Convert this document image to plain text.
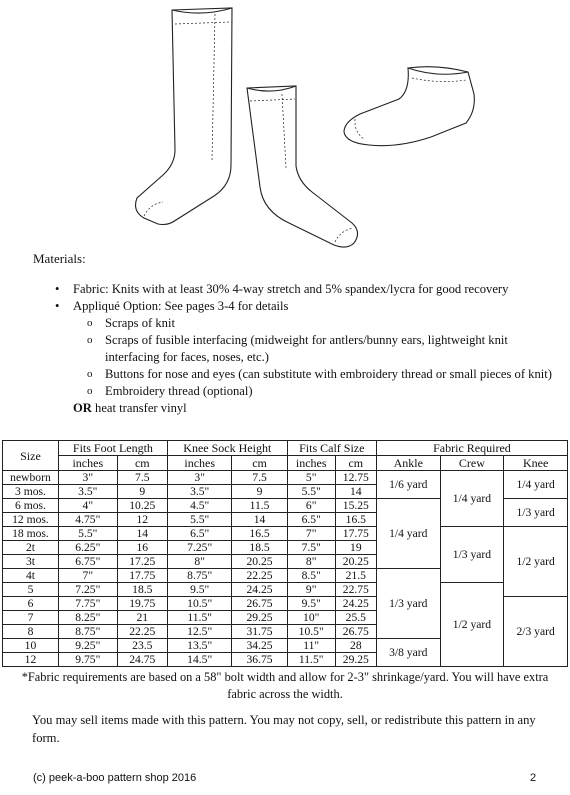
Materials:
• Fabric: Knits with at least 30% 4-way stretch and 5% spandex/lycra for good recovery
• Appliqué Option: See pages 3-4 for details
o Scraps of knit
o Scraps of fusible interfacing (midweight for antlers/bunny ears, lightweight knit interfacing for faces, noses, etc.)
o Buttons for nose and eyes (can substitute with embroidery thread or small pieces of knit)
o Embroidery thread (optional)
OR heat transfer vinyl
Size	Fits Foot Length		Knee Sock Height		Fits Calf Size		Fabric Required		
	inches	cm	inches	cm	inches	cm	Ankle	Crew	Knee
newborn	3"	7.5	3"	7.5	5"	12.75	1/6 yard	1/4 yard	1/4 yard
3 mos.	3.5"	9	3.5"	9	5.5"	14			
6 mos.	4"	10.25	4.5"	11.5	6"	15.25	1/4 yard		1/3 yard
12 mos.	4.75"	12	5.5"	14	6.5"	16.5			
18 mos.	5.5"	14	6.5"	16.5	7"	17.75		1/3 yard	1/2 yard
2t	6.25"	16	7.25"	18.5	7.5"	19			
3t	6.75"	17.25	8"	20.25	8"	20.25			
4t	7"	17.75	8.75"	22.25	8.5"	21.5	1/3 yard		
5	7.25"	18.5	9.5"	24.25	9"	22.75		1/2 yard	
6	7.75"	19.75	10.5"	26.75	9.5"	24.25			2/3 yard
7	8.25"	21	11.5"	29.25	10"	25.5			
8	8.75"	22.25	12.5"	31.75	10.5"	26.75			
10	9.25"	23.5	13.5"	34.25	11"	28	3/8 yard		
12	9.75"	24.75	14.5"	36.75	11.5"	29.25			
*Fabric requirements are based on a 58" bolt width and allow for 2-3" shrinkage/yard. You will have extra fabric across the width.
You may sell items made with this pattern. You may not copy, sell, or redistribute this pattern in any form.
(c) peek-a-boo pattern shop 2016	2
